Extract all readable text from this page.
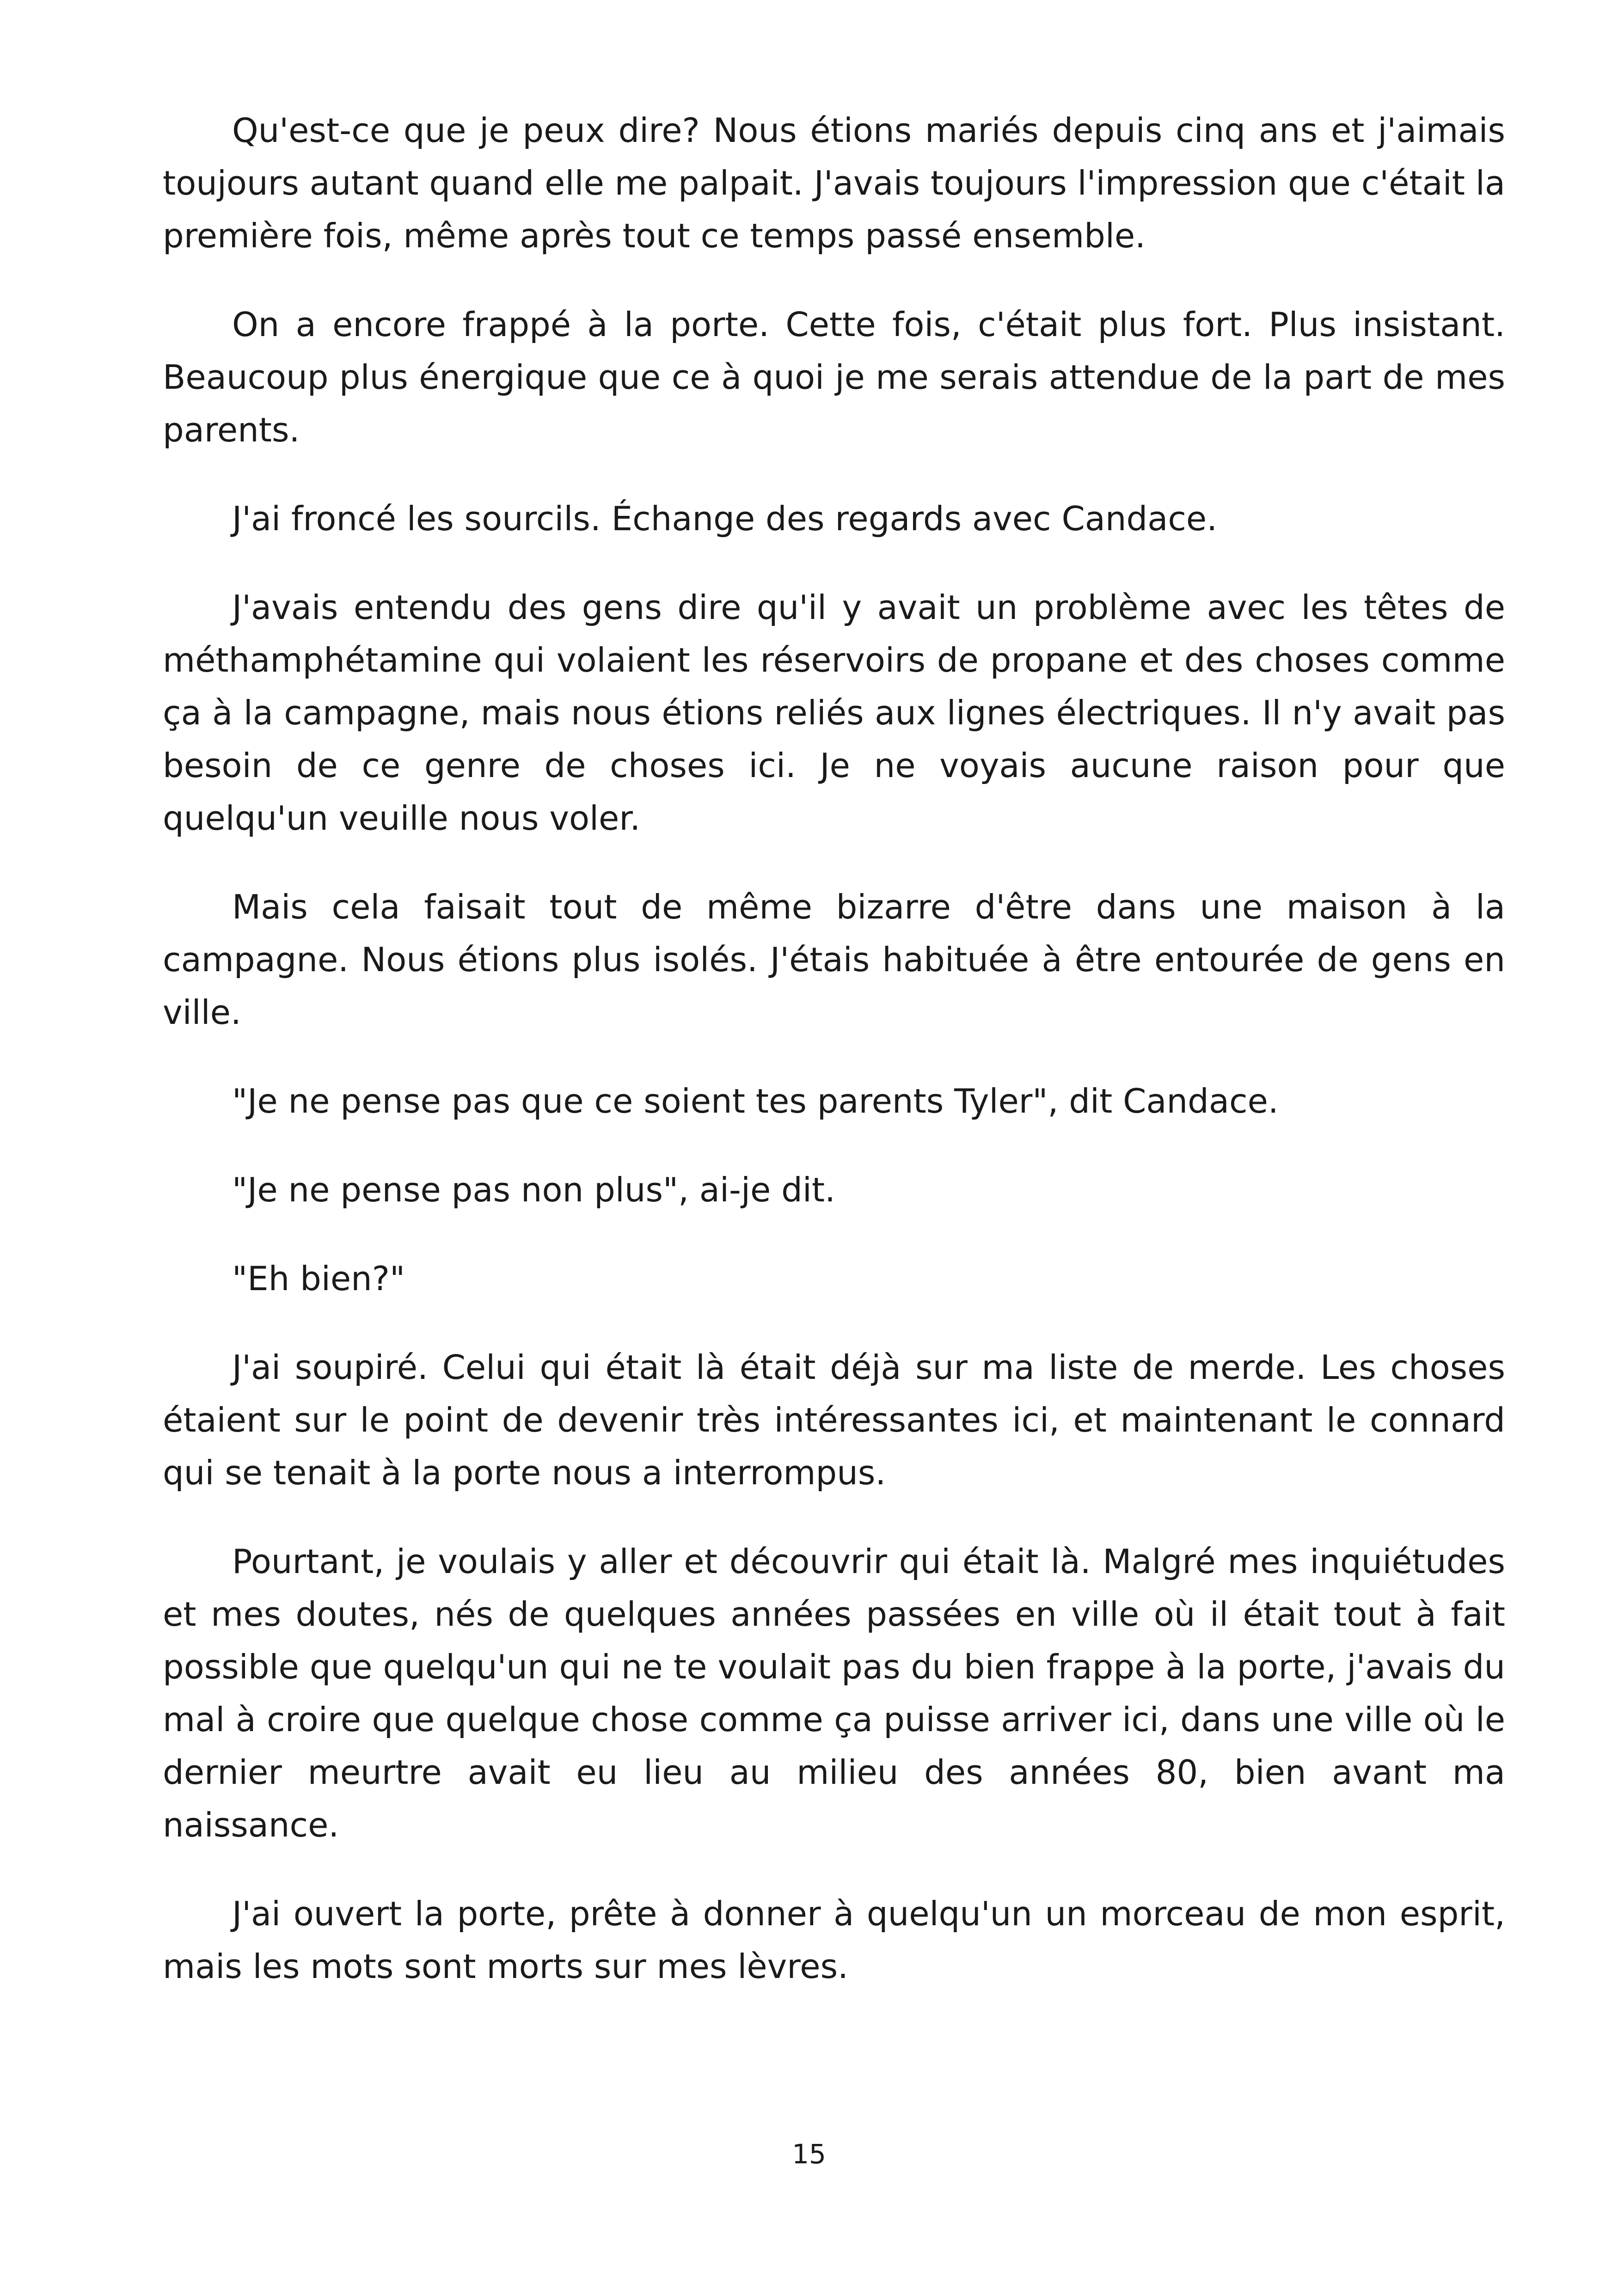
Qu'est-ce que je peux dire? Nous étions mariés depuis cinq ans et j'aimais toujours autant quand elle me palpait. J'avais toujours l'impression que c'était la première fois, même après tout ce temps passé ensemble.

On a encore frappé à la porte. Cette fois, c'était plus fort. Plus insistant. Beaucoup plus énergique que ce à quoi je me serais attendue de la part de mes parents.

J'ai froncé les sourcils. Échange des regards avec Candace.

J'avais entendu des gens dire qu'il y avait un problème avec les têtes de méthamphétamine qui volaient les réservoirs de propane et des choses comme ça à la campagne, mais nous étions reliés aux lignes électriques. Il n'y avait pas besoin de ce genre de choses ici. Je ne voyais aucune raison pour que quelqu'un veuille nous voler.

Mais cela faisait tout de même bizarre d'être dans une maison à la campagne. Nous étions plus isolés. J'étais habituée à être entourée de gens en ville.

"Je ne pense pas que ce soient tes parents Tyler", dit Candace.

"Je ne pense pas non plus", ai-je dit.

"Eh bien?"

J'ai soupiré. Celui qui était là était déjà sur ma liste de merde. Les choses étaient sur le point de devenir très intéressantes ici, et maintenant le connard qui se tenait à la porte nous a interrompus.

Pourtant, je voulais y aller et découvrir qui était là. Malgré mes inquiétudes et mes doutes, nés de quelques années passées en ville où il était tout à fait possible que quelqu'un qui ne te voulait pas du bien frappe à la porte, j'avais du mal à croire que quelque chose comme ça puisse arriver ici, dans une ville où le dernier meurtre avait eu lieu au milieu des années 80, bien avant ma naissance.

J'ai ouvert la porte, prête à donner à quelqu'un un morceau de mon esprit, mais les mots sont morts sur mes lèvres.

15
